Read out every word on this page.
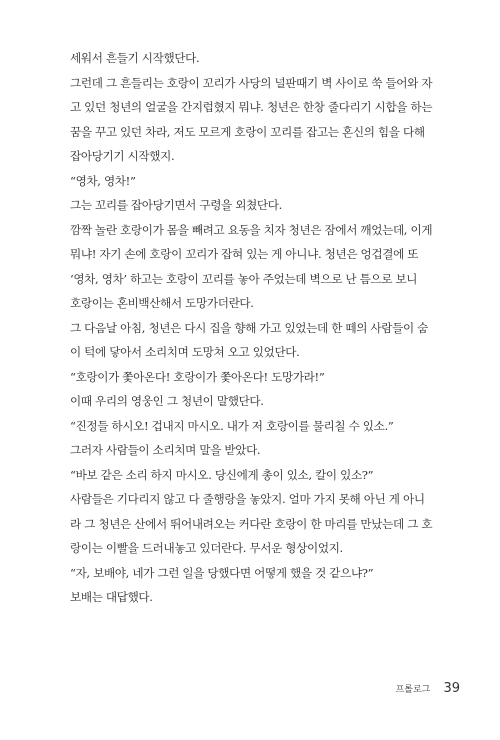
세워서 흔들기 시작했단다.
그런데 그 흔들리는 호랑이 꼬리가 사당의 널판때기 벽 사이로 쑥 들어와 자
고 있던 청년의 얼굴을 간지럽혔지 뭐냐. 청년은 한창 줄다리기 시합을 하는
꿈을 꾸고 있던 차라, 저도 모르게 호랑이 꼬리를 잡고는 혼신의 힘을 다해
잡아당기기 시작했지.
“영차, 영차!”
그는 꼬리를 잡아당기면서 구령을 외쳤단다.
깜짝 놀란 호랑이가 몸을 빼려고 요동을 치자 청년은 잠에서 깨었는데, 이게
뭐냐! 자기 손에 호랑이 꼬리가 잡혀 있는 게 아니냐. 청년은 엉겁결에 또
‘영차, 영차’ 하고는 호랑이 꼬리를 놓아 주었는데 벽으로 난 틈으로 보니
호랑이는 혼비백산해서 도망가더란다.
그 다음날 아침, 청년은 다시 집을 향해 가고 있었는데 한 떼의 사람들이 숨
이 턱에 닿아서 소리치며 도망쳐 오고 있었단다.
“호랑이가 쫓아온다! 호랑이가 쫓아온다! 도망가라!”
이때 우리의 영웅인 그 청년이 말했단다.
“진정들 하시오! 겁내지 마시오. 내가 저 호랑이를 물리칠 수 있소.”
그러자 사람들이 소리치며 말을 받았다.
“바보 같은 소리 하지 마시오. 당신에게 총이 있소, 칼이 있소?”
사람들은 기다리지 않고 다 줄행랑을 놓았지. 얼마 가지 못해 아닌 게 아니
라 그 청년은 산에서 뛰어내려오는 커다란 호랑이 한 마리를 만났는데 그 호
랑이는 이빨을 드러내놓고 있더란다. 무서운 형상이었지.
“자, 보배야, 네가 그런 일을 당했다면 어떻게 했을 것 같으냐?”
보배는 대답했다.
프롤로그 39
